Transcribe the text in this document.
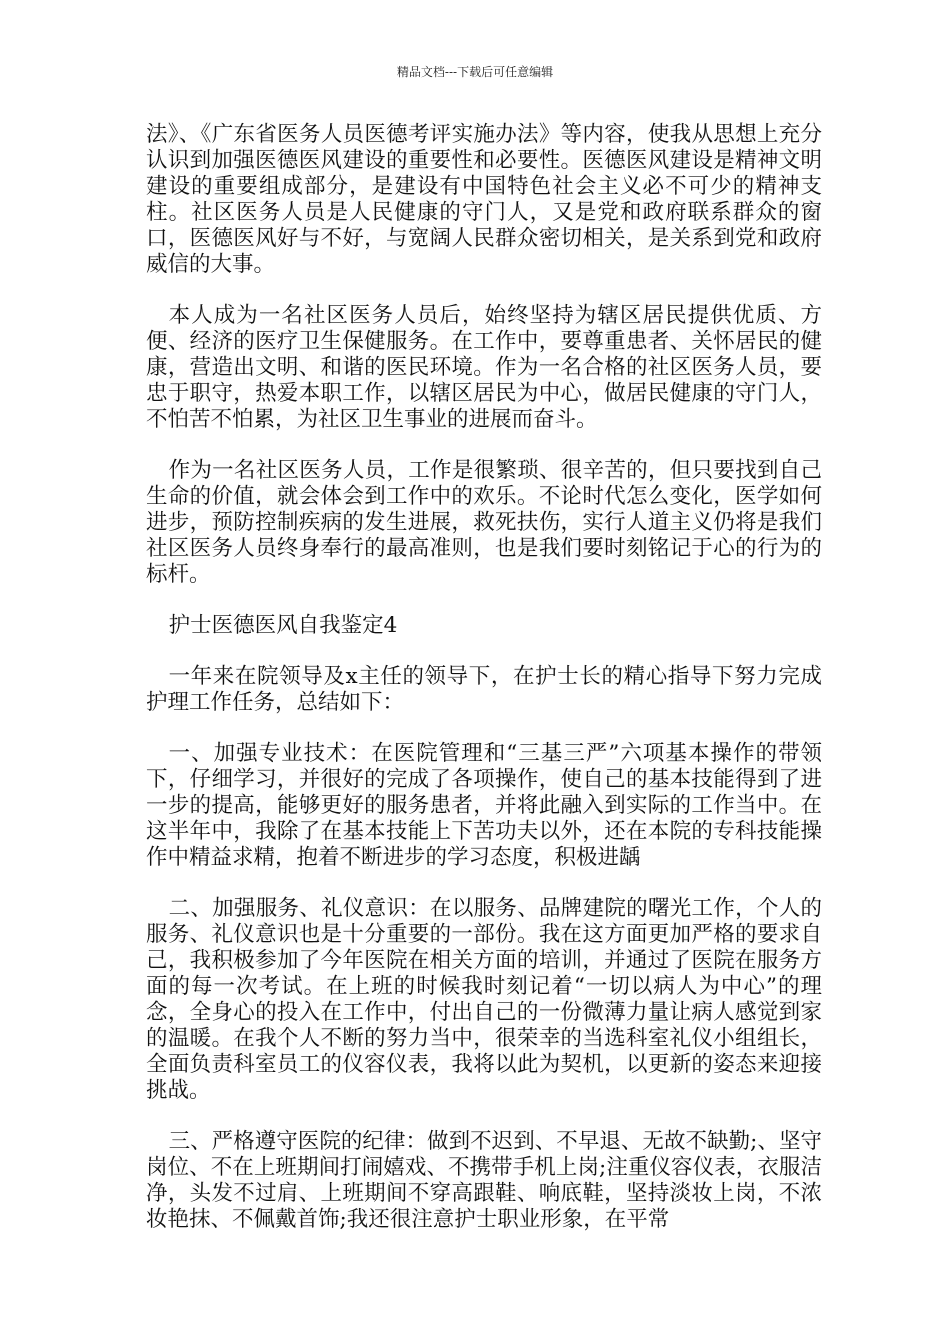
精品文档---下载后可任意编辑

法》、《广东省医务人员医德考评实施办法》等内容，使我从思想上充分认识到加强医德医风建设的重要性和必要性。医德医风建设是精神文明建设的重要组成部分，是建设有中国特色社会主义必不可少的精神支柱。社区医务人员是人民健康的守门人，又是党和政府联系群众的窗口，医德医风好与不好，与宽阔人民群众密切相关，是关系到党和政府威信的大事。

本人成为一名社区医务人员后，始终坚持为辖区居民提供优质、方便、经济的医疗卫生保健服务。在工作中，要尊重患者、关怀居民的健康，营造出文明、和谐的医民环境。作为一名合格的社区医务人员，要忠于职守，热爱本职工作，以辖区居民为中心，做居民健康的守门人，不怕苦不怕累，为社区卫生事业的进展而奋斗。

作为一名社区医务人员，工作是很繁琐、很辛苦的，但只要找到自己生命的价值，就会体会到工作中的欢乐。不论时代怎么变化，医学如何进步，预防控制疾病的发生进展，救死扶伤，实行人道主义仍将是我们社区医务人员终身奉行的最高准则，也是我们要时刻铭记于心的行为的标杆。

护士医德医风自我鉴定4

一年来在院领导及x主任的领导下，在护士长的精心指导下努力完成护理工作任务，总结如下：

一、加强专业技术：在医院管理和“三基三严”六项基本操作的带领下，仔细学习，并很好的完成了各项操作，使自己的基本技能得到了进一步的提高，能够更好的服务患者，并将此融入到实际的工作当中。在这半年中，我除了在基本技能上下苦功夫以外，还在本院的专科技能操作中精益求精，抱着不断进步的学习态度，积极进龋

二、加强服务、礼仪意识：在以服务、品牌建院的曙光工作，个人的服务、礼仪意识也是十分重要的一部份。我在这方面更加严格的要求自己，我积极参加了今年医院在相关方面的培训，并通过了医院在服务方面的每一次考试。在上班的时候我时刻记着“一切以病人为中心”的理念，全身心的投入在工作中，付出自己的一份微薄力量让病人感觉到家的温暖。在我个人不断的努力当中，很荣幸的当选科室礼仪小组组长，全面负责科室员工的仪容仪表，我将以此为契机，以更新的姿态来迎接挑战。

三、严格遵守医院的纪律：做到不迟到、不早退、无故不缺勤;、坚守岗位、不在上班期间打闹嬉戏、不携带手机上岗;注重仪容仪表，衣服洁净，头发不过肩、上班期间不穿高跟鞋、响底鞋，坚持淡妆上岗，不浓妆艳抹、不佩戴首饰;我还很注意护士职业形象，在平常
